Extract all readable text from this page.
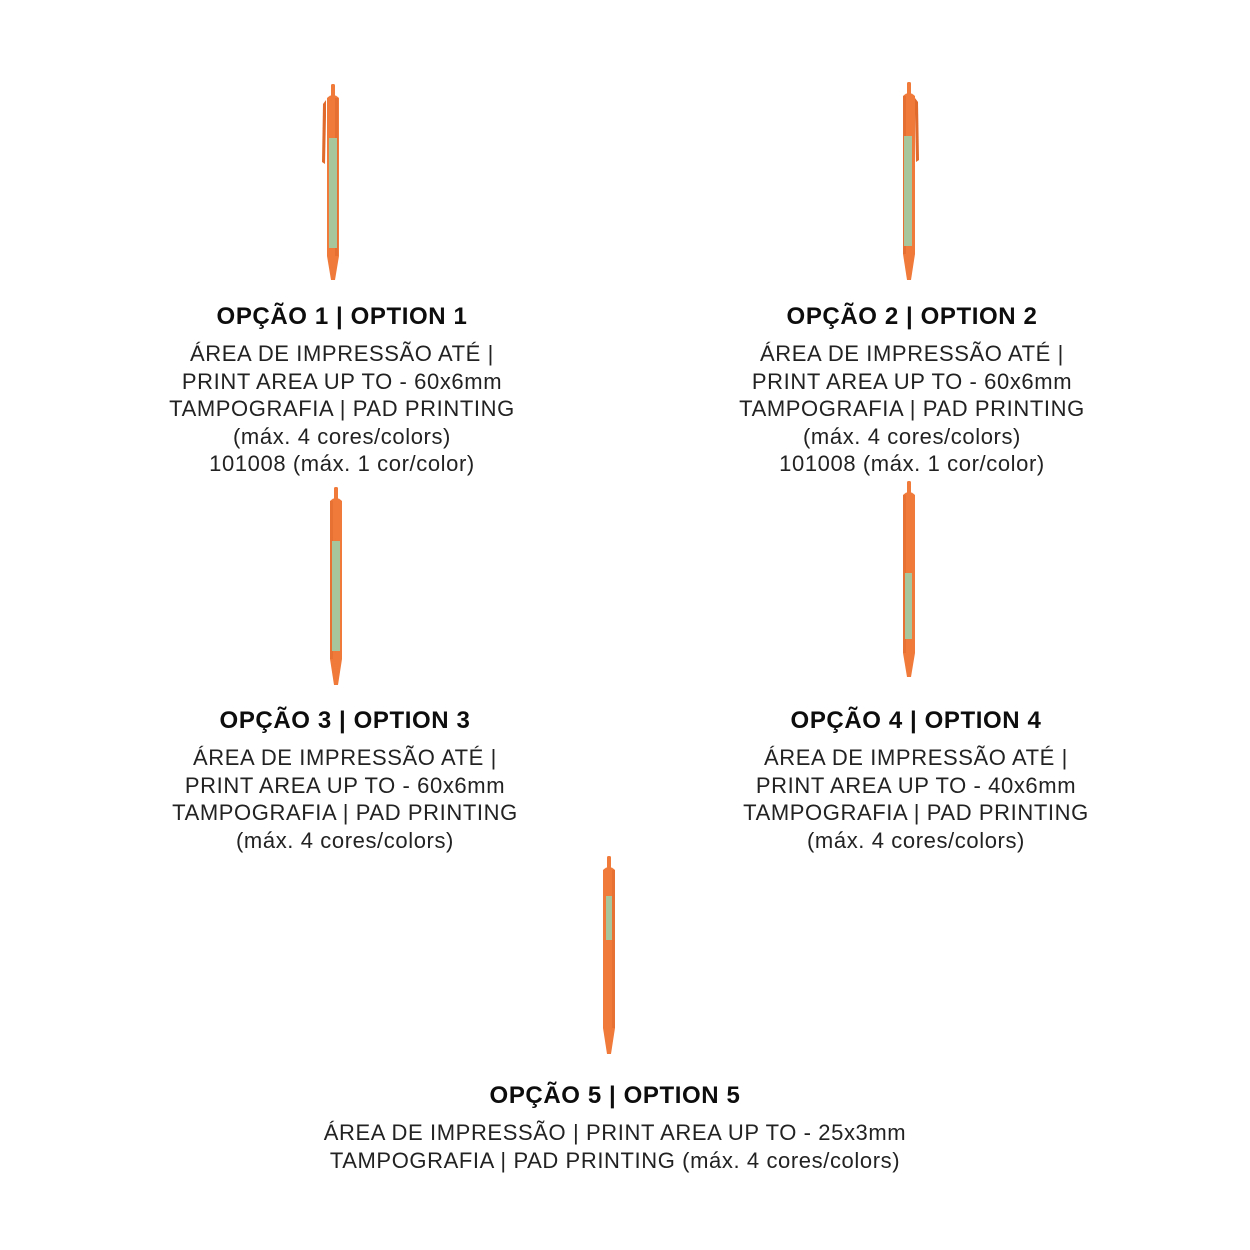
OPÇÃO 1 | OPTION 1
ÁREA DE IMPRESSÃO ATÉ |
PRINT AREA UP TO - 60x6mm
TAMPOGRAFIA | PAD PRINTING
(máx. 4 cores/colors)
101008 (máx. 1 cor/color)
OPÇÃO 2 | OPTION 2
ÁREA DE IMPRESSÃO ATÉ |
PRINT AREA UP TO - 60x6mm
TAMPOGRAFIA | PAD PRINTING
(máx. 4 cores/colors)
101008 (máx. 1 cor/color)
OPÇÃO 3 | OPTION 3
ÁREA DE IMPRESSÃO ATÉ |
PRINT AREA UP TO - 60x6mm
TAMPOGRAFIA | PAD PRINTING
(máx. 4 cores/colors)
OPÇÃO 4 | OPTION 4
ÁREA DE IMPRESSÃO ATÉ |
PRINT AREA UP TO - 40x6mm
TAMPOGRAFIA | PAD PRINTING
(máx. 4 cores/colors)
OPÇÃO 5 | OPTION 5
ÁREA DE IMPRESSÃO | PRINT AREA UP TO - 25x3mm
TAMPOGRAFIA | PAD PRINTING (máx. 4 cores/colors)
